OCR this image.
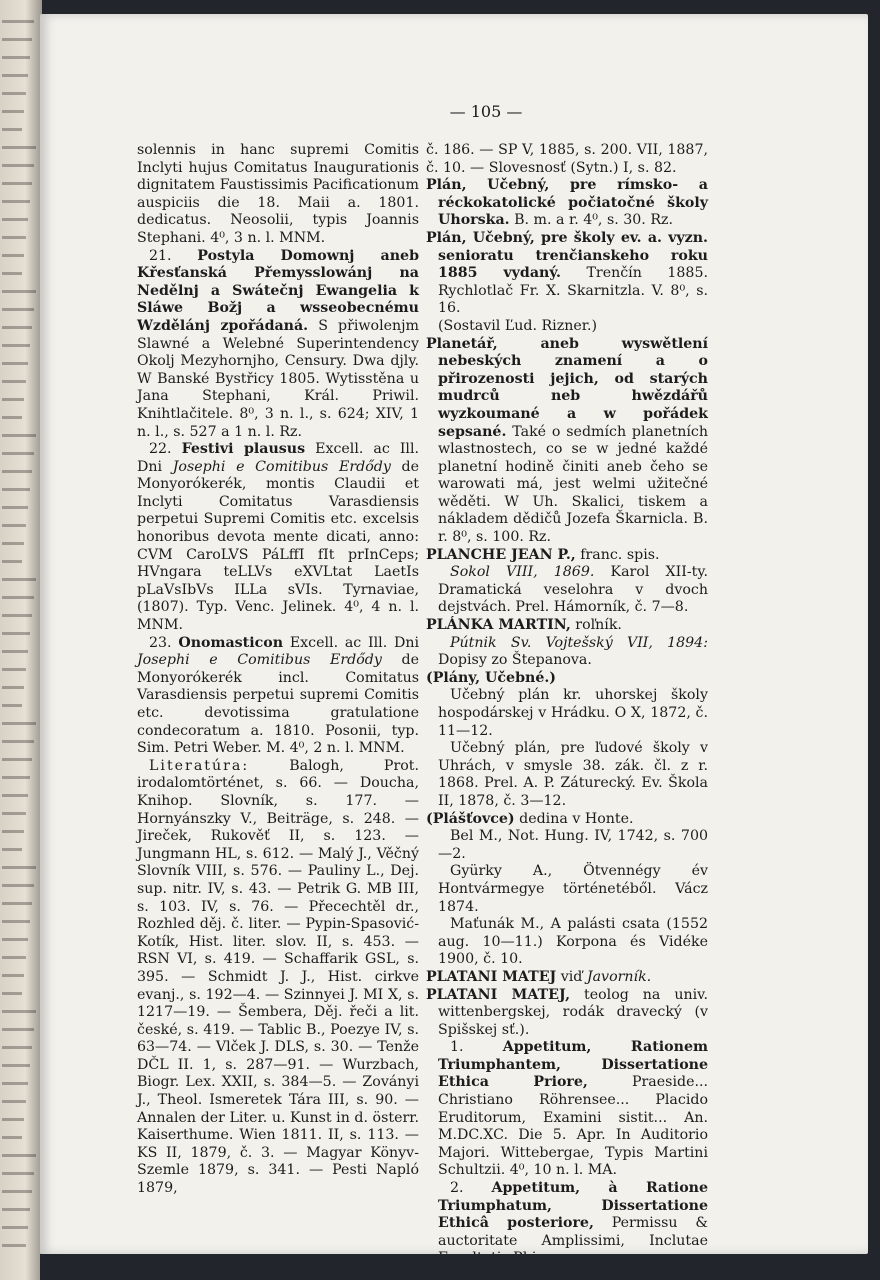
— 105 —

solennis in hanc supremi Comitis Inclyti hujus Comitatus Inaugurationis dignitatem Faustissimis Pacificationum auspiciis die 18. Maii a. 1801. dedicatus. Neosolii, typis Joannis Stephani. 4⁰, 3 n. l. MNM.

21. Postyla Domownj aneb Křesťanská Přemysslowánj na Nedělnj a Swátečnj Ewangelia k Sláwe Božj a wsseobecnému Wzdělánj zpořádaná. S přiwolenjm Slawné a Welebné Superintendency Okolj Mezyhornjho, Censury. Dwa djly. W Banské Bystřicy 1805. Wytisstěna u Jana Stephani, Král. Priwil. Knihtlačitele. 8⁰, 3 n. l., s. 624; XIV, 1 n. l., s. 527 a 1 n. l. Rz.

22. Festivi plausus Excell. ac Ill. Dni Josephi e Comitibus Erdődy de Monyorókerék, montis Claudii et Inclyti Comitatus Varasdiensis perpetui Supremi Comitis etc. excelsis honoribus devota mente dicati, anno: CVM CaroLVS PáLffI fIt prInCeps; HVngara teLLVs eXVLtat LaetIs pLaVsIbVs ILLa sVIs. Tyrnaviae, (1807). Typ. Venc. Jelinek. 4⁰, 4 n. l. MNM.

23. Onomasticon Excell. ac Ill. Dni Josephi e Comitibus Erdődy de Monyorókerék incl. Comitatus Varasdiensis perpetui supremi Comitis etc. devotissima gratulatione condecoratum a. 1810. Posonii, typ. Sim. Petri Weber. M. 4⁰, 2 n. l. MNM.

Literatúra:	Balogh, Prot. irodalomtörténet, s. 66. — Doucha, Knihop. Slovník, s. 177. — Hornyánszky V., Beiträge, s. 248. — Jireček, Rukověť II, s. 123. — Jungmann HL, s. 612. — Malý J., Věčný Slovník VIII, s. 576. — Pauliny L., Dej. sup. nitr. IV, s. 43. — Petrik G. MB III, s. 103. IV, s. 76. — Přecechtěl dr., Rozhled děj. č. liter. — Pypin-Spasović-Kotík, Hist. liter. slov. II, s. 453. — RSN VI, s. 419. — Schaffarik GSL, s. 395. — Schmidt J. J., Hist. cirkve evanj., s. 192—4. — Szinnyei J. MI X, s. 1217—19. — Šembera, Děj. řeči a lit. české, s. 419. — Tablic B., Poezye IV, s. 63—74. — Vlček J. DLS, s. 30. — Tenže DČL II. 1, s. 287—91. — Wurzbach, Biogr. Lex. XXII, s. 384—5. — Zoványi J., Theol. Ismeretek Tára III, s. 90. — Annalen der Liter. u. Kunst in d. österr. Kaiserthume. Wien 1811. II, s. 113. — KS II, 1879, č. 3. — Magyar Könyv-Szemle 1879, s. 341. — Pesti Napló 1879,

č. 186. — SP V, 1885, s. 200. VII, 1887, č. 10. — Slovesnosť (Sytn.) I, s. 82.

Plán, Učebný, pre rímsko- a réckokatolické počiatočné školy Uhorska. B. m. a r. 4⁰, s. 30. Rz.

Plán, Učebný, pre školy ev. a. vyzn. senioratu trenčianskeho roku 1885 vydaný. Trenčín 1885. Rychlotlač Fr. X. Skarnitzla. V. 8⁰, s. 16.

(Sostavil Ľud. Rizner.)

Planetář, aneb wyswětlení nebeských znamení a o přirozenosti jejich, od starých mudrců neb hwězdářů wyzkoumané a w pořádek sepsané. Také o sedmích planetních wlastnostech, co se w jedné každé planetní hodině činiti aneb čeho se warowati má, jest welmi užitečné wěděti. W Uh. Skalici, tiskem a nákladem dědičů Jozefa Škarnicla. B. r. 8⁰, s. 100. Rz.

PLANCHE JEAN P., franc. spis.

Sokol VIII, 1869. Karol XII-ty. Dramatická veselohra v dvoch dejstvách. Prel. Hámorník, č. 7—8.

PLÁNKA MARTIN, roľník.

Pútnik Sv. Vojtešský VII, 1894: Dopisy zo Štepanova.

(Plány, Učebné.)

Učebný plán kr. uhorskej školy hospodárskej v Hrádku. O X, 1872, č. 11—12.

Učebný plán, pre ľudové školy v Uhrách, v smysle 38. zák. čl. z r. 1868. Prel. A. P. Záturecký. Ev. Škola II, 1878, č. 3—12.

(Plášťovce) dedina v Honte.

Bel M., Not. Hung. IV, 1742, s. 700—2.

Gyürky A., Ötvennégy év Hontvármegye történetéből. Vácz 1874.

Maťunák M., A palásti csata (1552 aug. 10—11.) Korpona és Vidéke 1900, č. 10.

PLATANI MATEJ viď Javorník.

PLATANI MATEJ, teolog na univ. wittenbergskej, rodák dravecký (v Spišskej sť.).

1.	Appetitum, Rationem Triumphantem, Dissertatione Ethica Priore,	Praeside... Christiano Röhrensee... Placido Eruditorum, Examini sistit... An. M.DC.XC. Die 5. Apr. In Auditorio Majori. Wittebergae, Typis Martini Schultzii. 4⁰, 10 n. l. MA.

2. Appetitum, à Ratione Triumphatum, Dissertatione Ethicâ posteriore, Permissu & auctoritate Amplissimi, Inclutae
